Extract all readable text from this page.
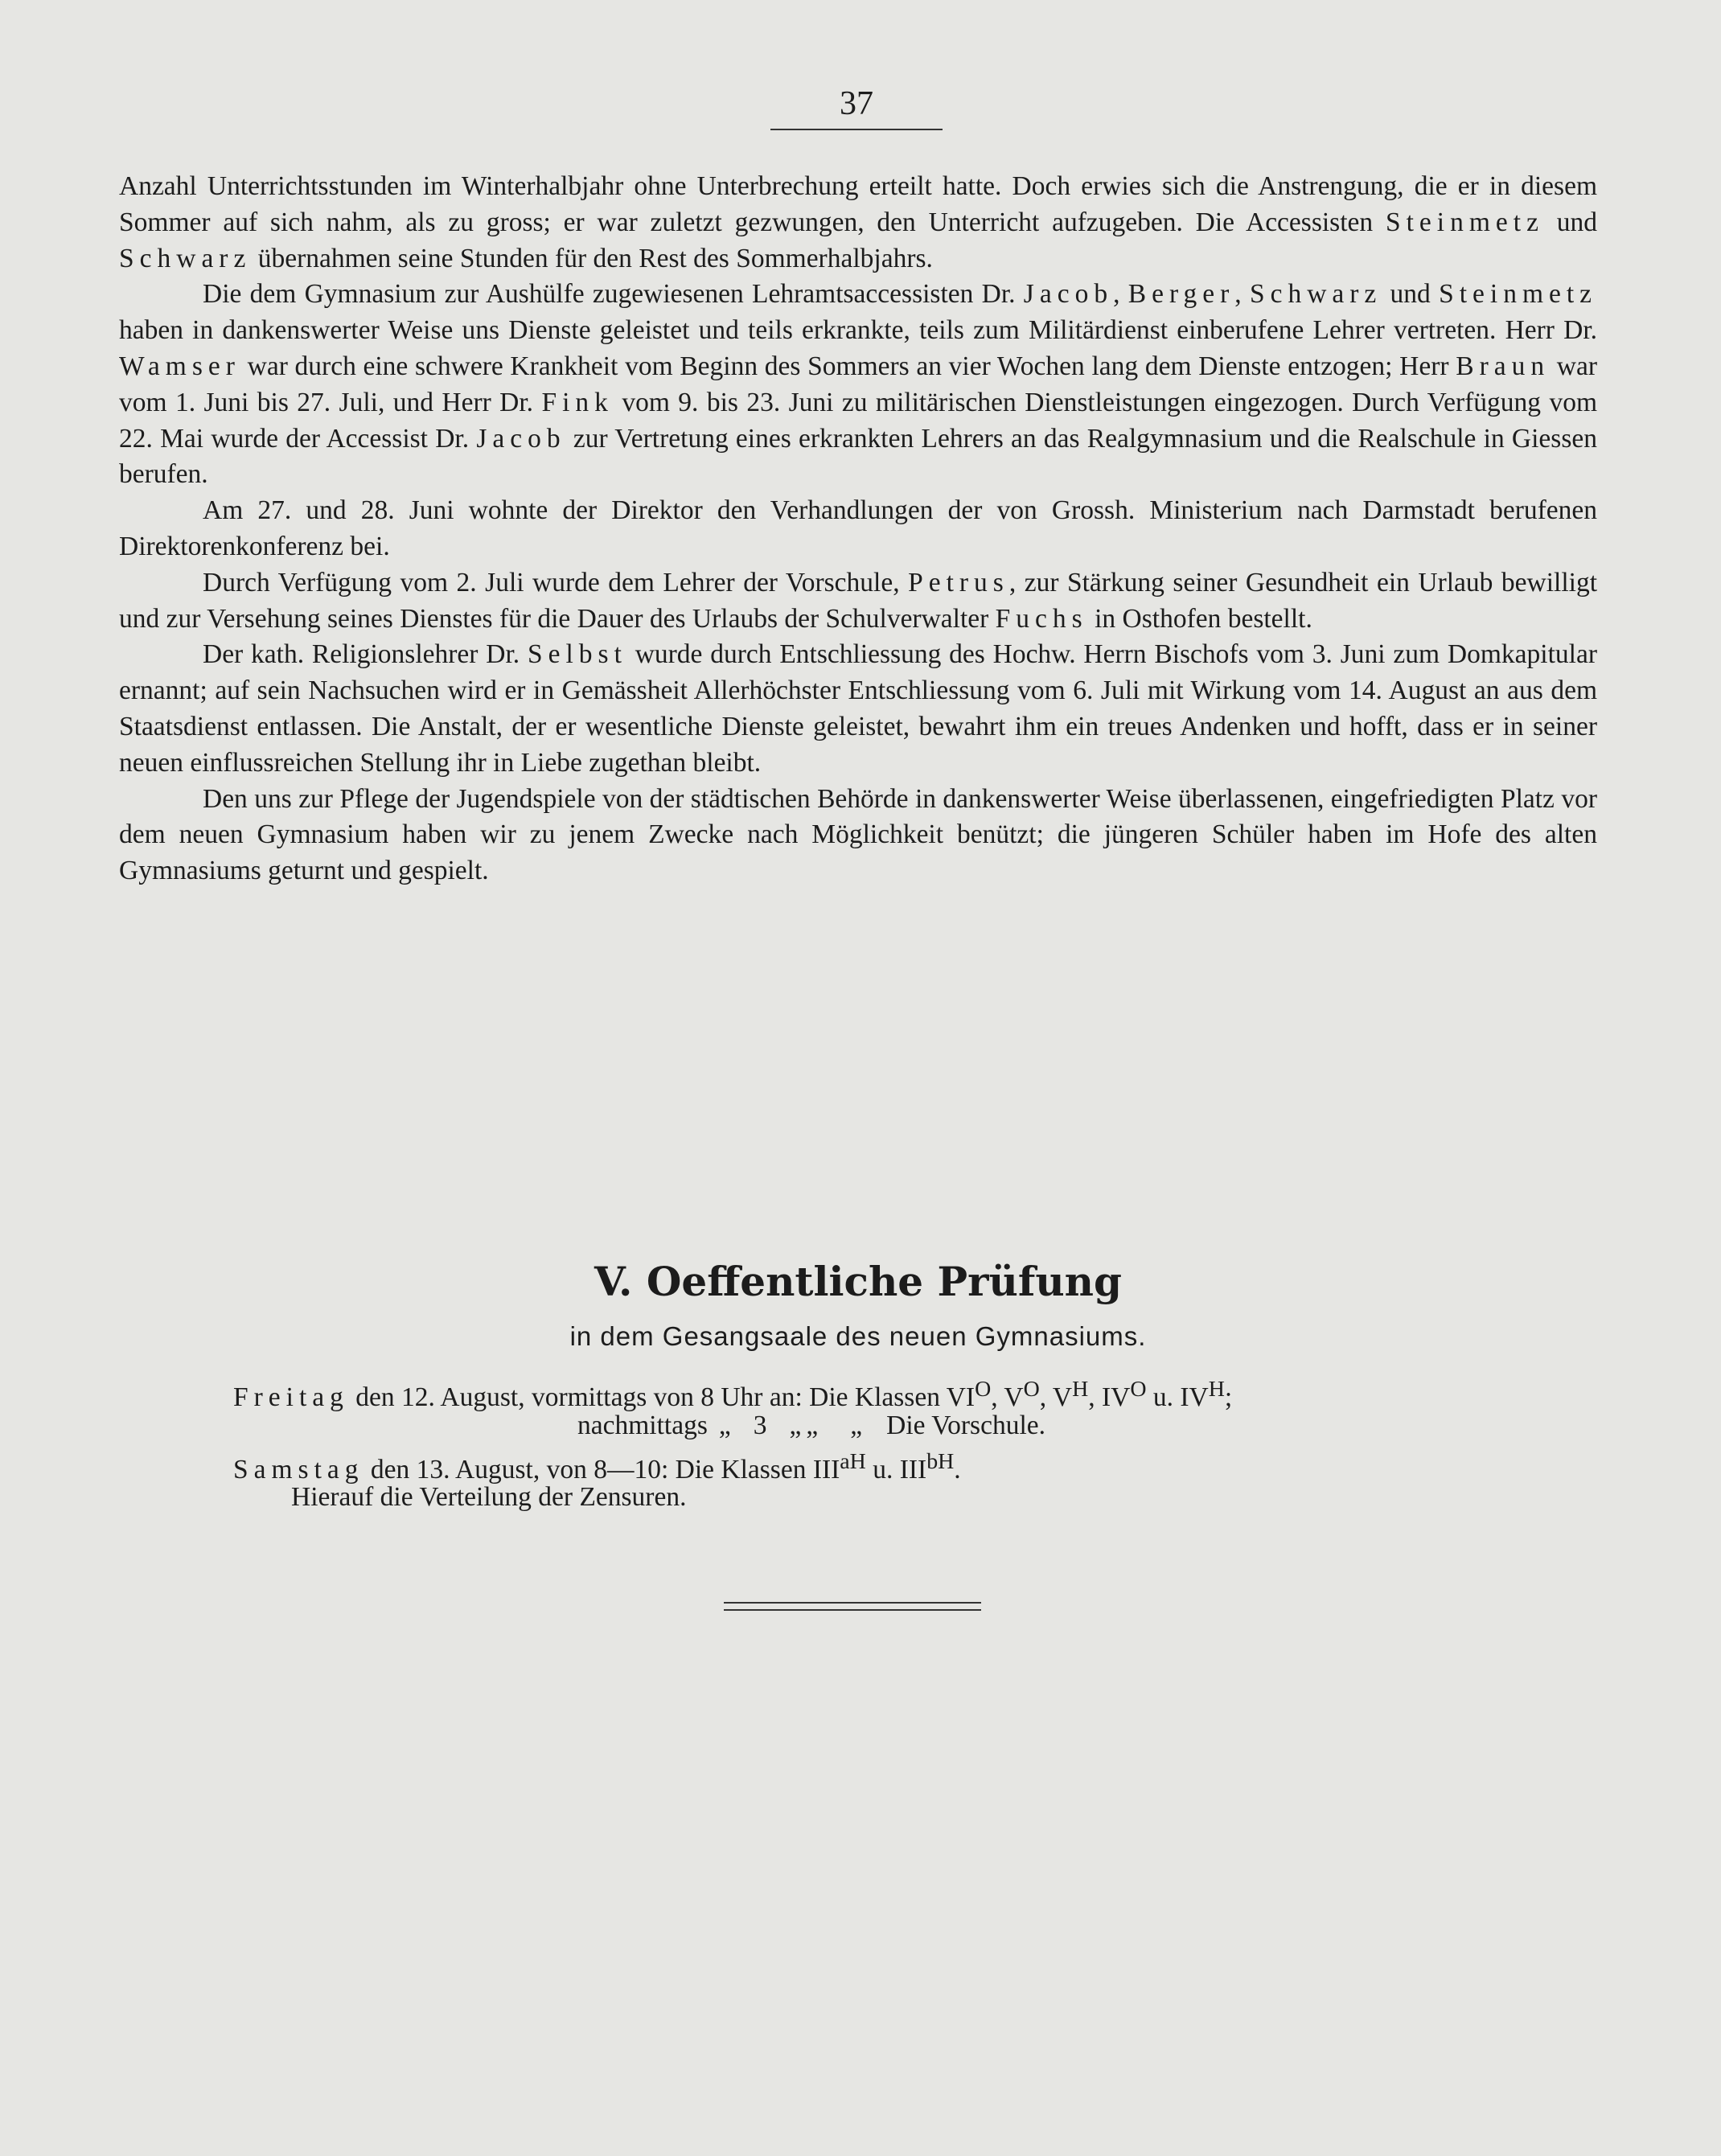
37

Anzahl Unterrichtsstunden im Winterhalbjahr ohne Unterbrechung erteilt hatte. Doch erwies sich die Anstrengung, die er in diesem Sommer auf sich nahm, als zu gross; er war zuletzt gezwungen, den Unterricht aufzugeben. Die Accessisten Steinmetz und Schwarz übernahmen seine Stunden für den Rest des Sommerhalbjahrs.

Die dem Gymnasium zur Aushülfe zugewiesenen Lehramtsaccessisten Dr. Jacob, Berger, Schwarz und Steinmetz haben in dankenswerter Weise uns Dienste geleistet und teils erkrankte, teils zum Militärdienst einberufene Lehrer vertreten. Herr Dr. Wamser war durch eine schwere Krankheit vom Beginn des Sommers an vier Wochen lang dem Dienste entzogen; Herr Braun war vom 1. Juni bis 27. Juli, und Herr Dr. Fink vom 9. bis 23. Juni zu militärischen Dienstleistungen eingezogen. Durch Verfügung vom 22. Mai wurde der Accessist Dr. Jacob zur Vertretung eines erkrankten Lehrers an das Realgymnasium und die Realschule in Giessen berufen.

Am 27. und 28. Juni wohnte der Direktor den Verhandlungen der von Grossh. Ministerium nach Darmstadt berufenen Direktorenkonferenz bei.

Durch Verfügung vom 2. Juli wurde dem Lehrer der Vorschule, Petrus, zur Stärkung seiner Gesundheit ein Urlaub bewilligt und zur Versehung seines Dienstes für die Dauer des Urlaubs der Schulverwalter Fuchs in Osthofen bestellt.

Der kath. Religionslehrer Dr. Selbst wurde durch Entschliessung des Hochw. Herrn Bischofs vom 3. Juni zum Domkapitular ernannt; auf sein Nachsuchen wird er in Gemässheit Allerhöchster Entschliessung vom 6. Juli mit Wirkung vom 14. August an aus dem Staatsdienst entlassen. Die Anstalt, der er wesentliche Dienste geleistet, bewahrt ihm ein treues Andenken und hofft, dass er in seiner neuen einflussreichen Stellung ihr in Liebe zugethan bleibt.

Den uns zur Pflege der Jugendspiele von der städtischen Behörde in dankenswerter Weise überlassenen, eingefriedigten Platz vor dem neuen Gymnasium haben wir zu jenem Zwecke nach Möglichkeit benützt; die jüngeren Schüler haben im Hofe des alten Gymnasiums geturnt und gespielt.

V. Oeffentliche Prüfung
in dem Gesangsaale des neuen Gymnasiums.
Freitag den 12. August, vormittags von 8 Uhr an: Die Klassen $VI^O$, $V^O$, $V^H$, $IV^O$ u. $IV^H$;
nachmittags „ 3 „ „ „ Die Vorschule.
Samstag den 13. August, von 8—10: Die Klassen $III^{aH}$ u. $III^{bH}$.
Hierauf die Verteilung der Zensuren.
